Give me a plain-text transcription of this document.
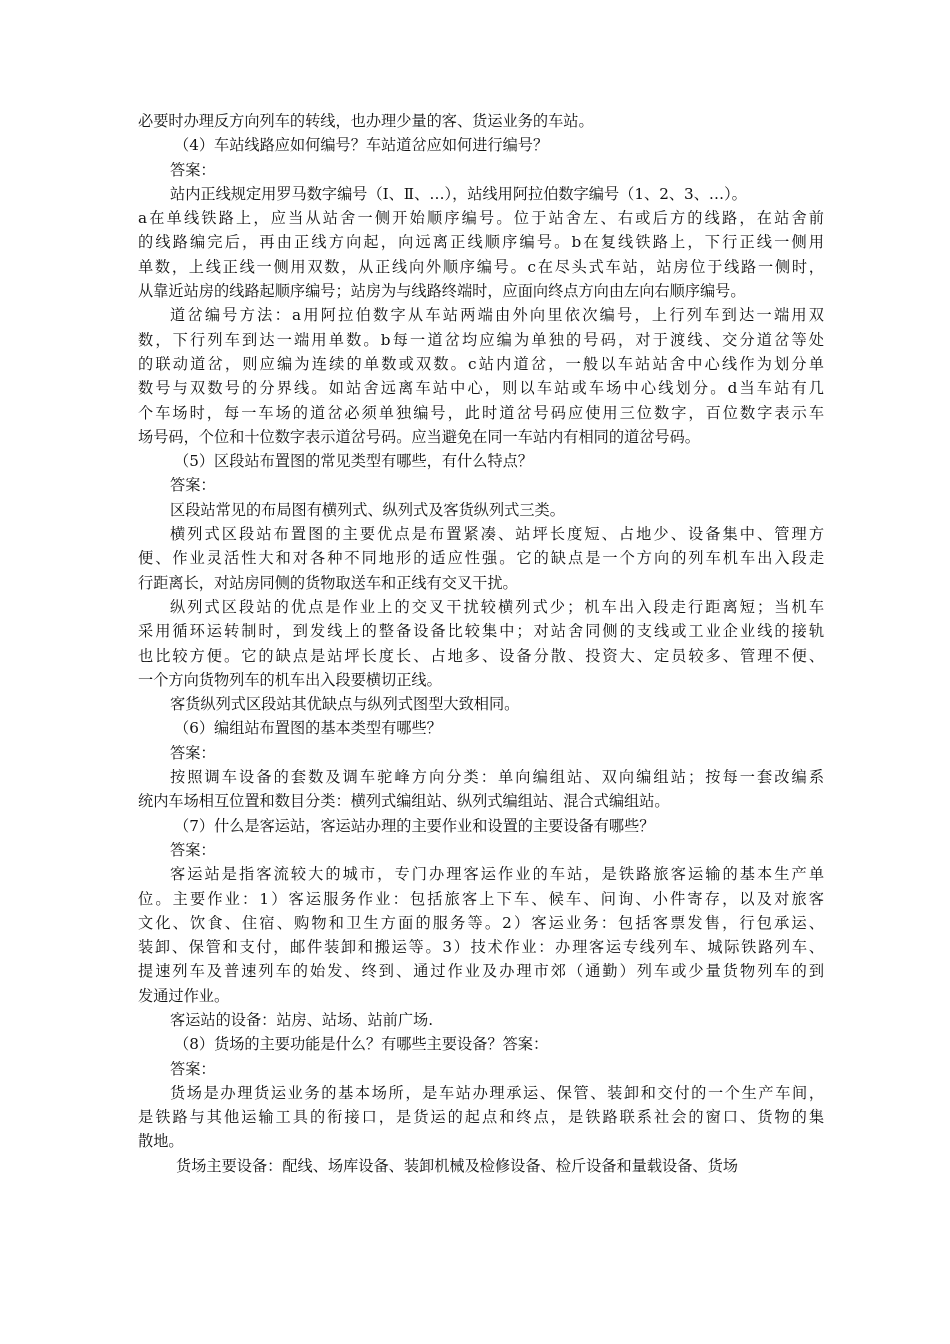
必要时办理反方向列车的转线，也办理少量的客、货运业务的车站。
（4）车站线路应如何编号？车站道岔应如何进行编号？
答案：
站内正线规定用罗马数字编号（Ⅰ、Ⅱ、…），站线用阿拉伯数字编号（1、2、3、…）。
a在单线铁路上，应当从站舍一侧开始顺序编号。位于站舍左、右或后方的线路，在站舍前
的线路编完后，再由正线方向起，向远离正线顺序编号。b在复线铁路上，下行正线一侧用
单数，上线正线一侧用双数，从正线向外顺序编号。c在尽头式车站，站房位于线路一侧时，
从靠近站房的线路起顺序编号；站房为与线路终端时，应面向终点方向由左向右顺序编号。
道岔编号方法：a用阿拉伯数字从车站两端由外向里依次编号，上行列车到达一端用双
数，下行列车到达一端用单数。b每一道岔均应编为单独的号码，对于渡线、交分道岔等处
的联动道岔，则应编为连续的单数或双数。c站内道岔，一般以车站站舍中心线作为划分单
数号与双数号的分界线。如站舍远离车站中心，则以车站或车场中心线划分。d当车站有几
个车场时，每一车场的道岔必须单独编号，此时道岔号码应使用三位数字，百位数字表示车
场号码，个位和十位数字表示道岔号码。应当避免在同一车站内有相同的道岔号码。
（5）区段站布置图的常见类型有哪些，有什么特点？
答案：
区段站常见的布局图有横列式、纵列式及客货纵列式三类。
横列式区段站布置图的主要优点是布置紧凑、站坪长度短、占地少、设备集中、管理方
便、作业灵活性大和对各种不同地形的适应性强。它的缺点是一个方向的列车机车出入段走
行距离长，对站房同侧的货物取送车和正线有交叉干扰。
纵列式区段站的优点是作业上的交叉干扰较横列式少；机车出入段走行距离短；当机车
采用循环运转制时，到发线上的整备设备比较集中；对站舍同侧的支线或工业企业线的接轨
也比较方便。它的缺点是站坪长度长、占地多、设备分散、投资大、定员较多、管理不便、
一个方向货物列车的机车出入段要横切正线。
客货纵列式区段站其优缺点与纵列式图型大致相同。
（6）编组站布置图的基本类型有哪些？
答案：
按照调车设备的套数及调车驼峰方向分类：单向编组站、双向编组站；按每一套改编系
统内车场相互位置和数目分类：横列式编组站、纵列式编组站、混合式编组站。
（7）什么是客运站，客运站办理的主要作业和设置的主要设备有哪些？
答案：
客运站是指客流较大的城市，专门办理客运作业的车站，是铁路旅客运输的基本生产单
位。主要作业：1）客运服务作业：包括旅客上下车、候车、问询、小件寄存，以及对旅客
文化、饮食、住宿、购物和卫生方面的服务等。2）客运业务：包括客票发售，行包承运、
装卸、保管和支付，邮件装卸和搬运等。3）技术作业：办理客运专线列车、城际铁路列车、
提速列车及普速列车的始发、终到、通过作业及办理市郊（通勤）列车或少量货物列车的到
发通过作业。
客运站的设备：站房、站场、站前广场.
（8）货场的主要功能是什么？有哪些主要设备？答案：
答案：
货场是办理货运业务的基本场所，是车站办理承运、保管、装卸和交付的一个生产车间，
是铁路与其他运输工具的衔接口，是货运的起点和终点，是铁路联系社会的窗口、货物的集
散地。
货场主要设备：配线、场库设备、装卸机械及检修设备、检斤设备和量载设备、货场
